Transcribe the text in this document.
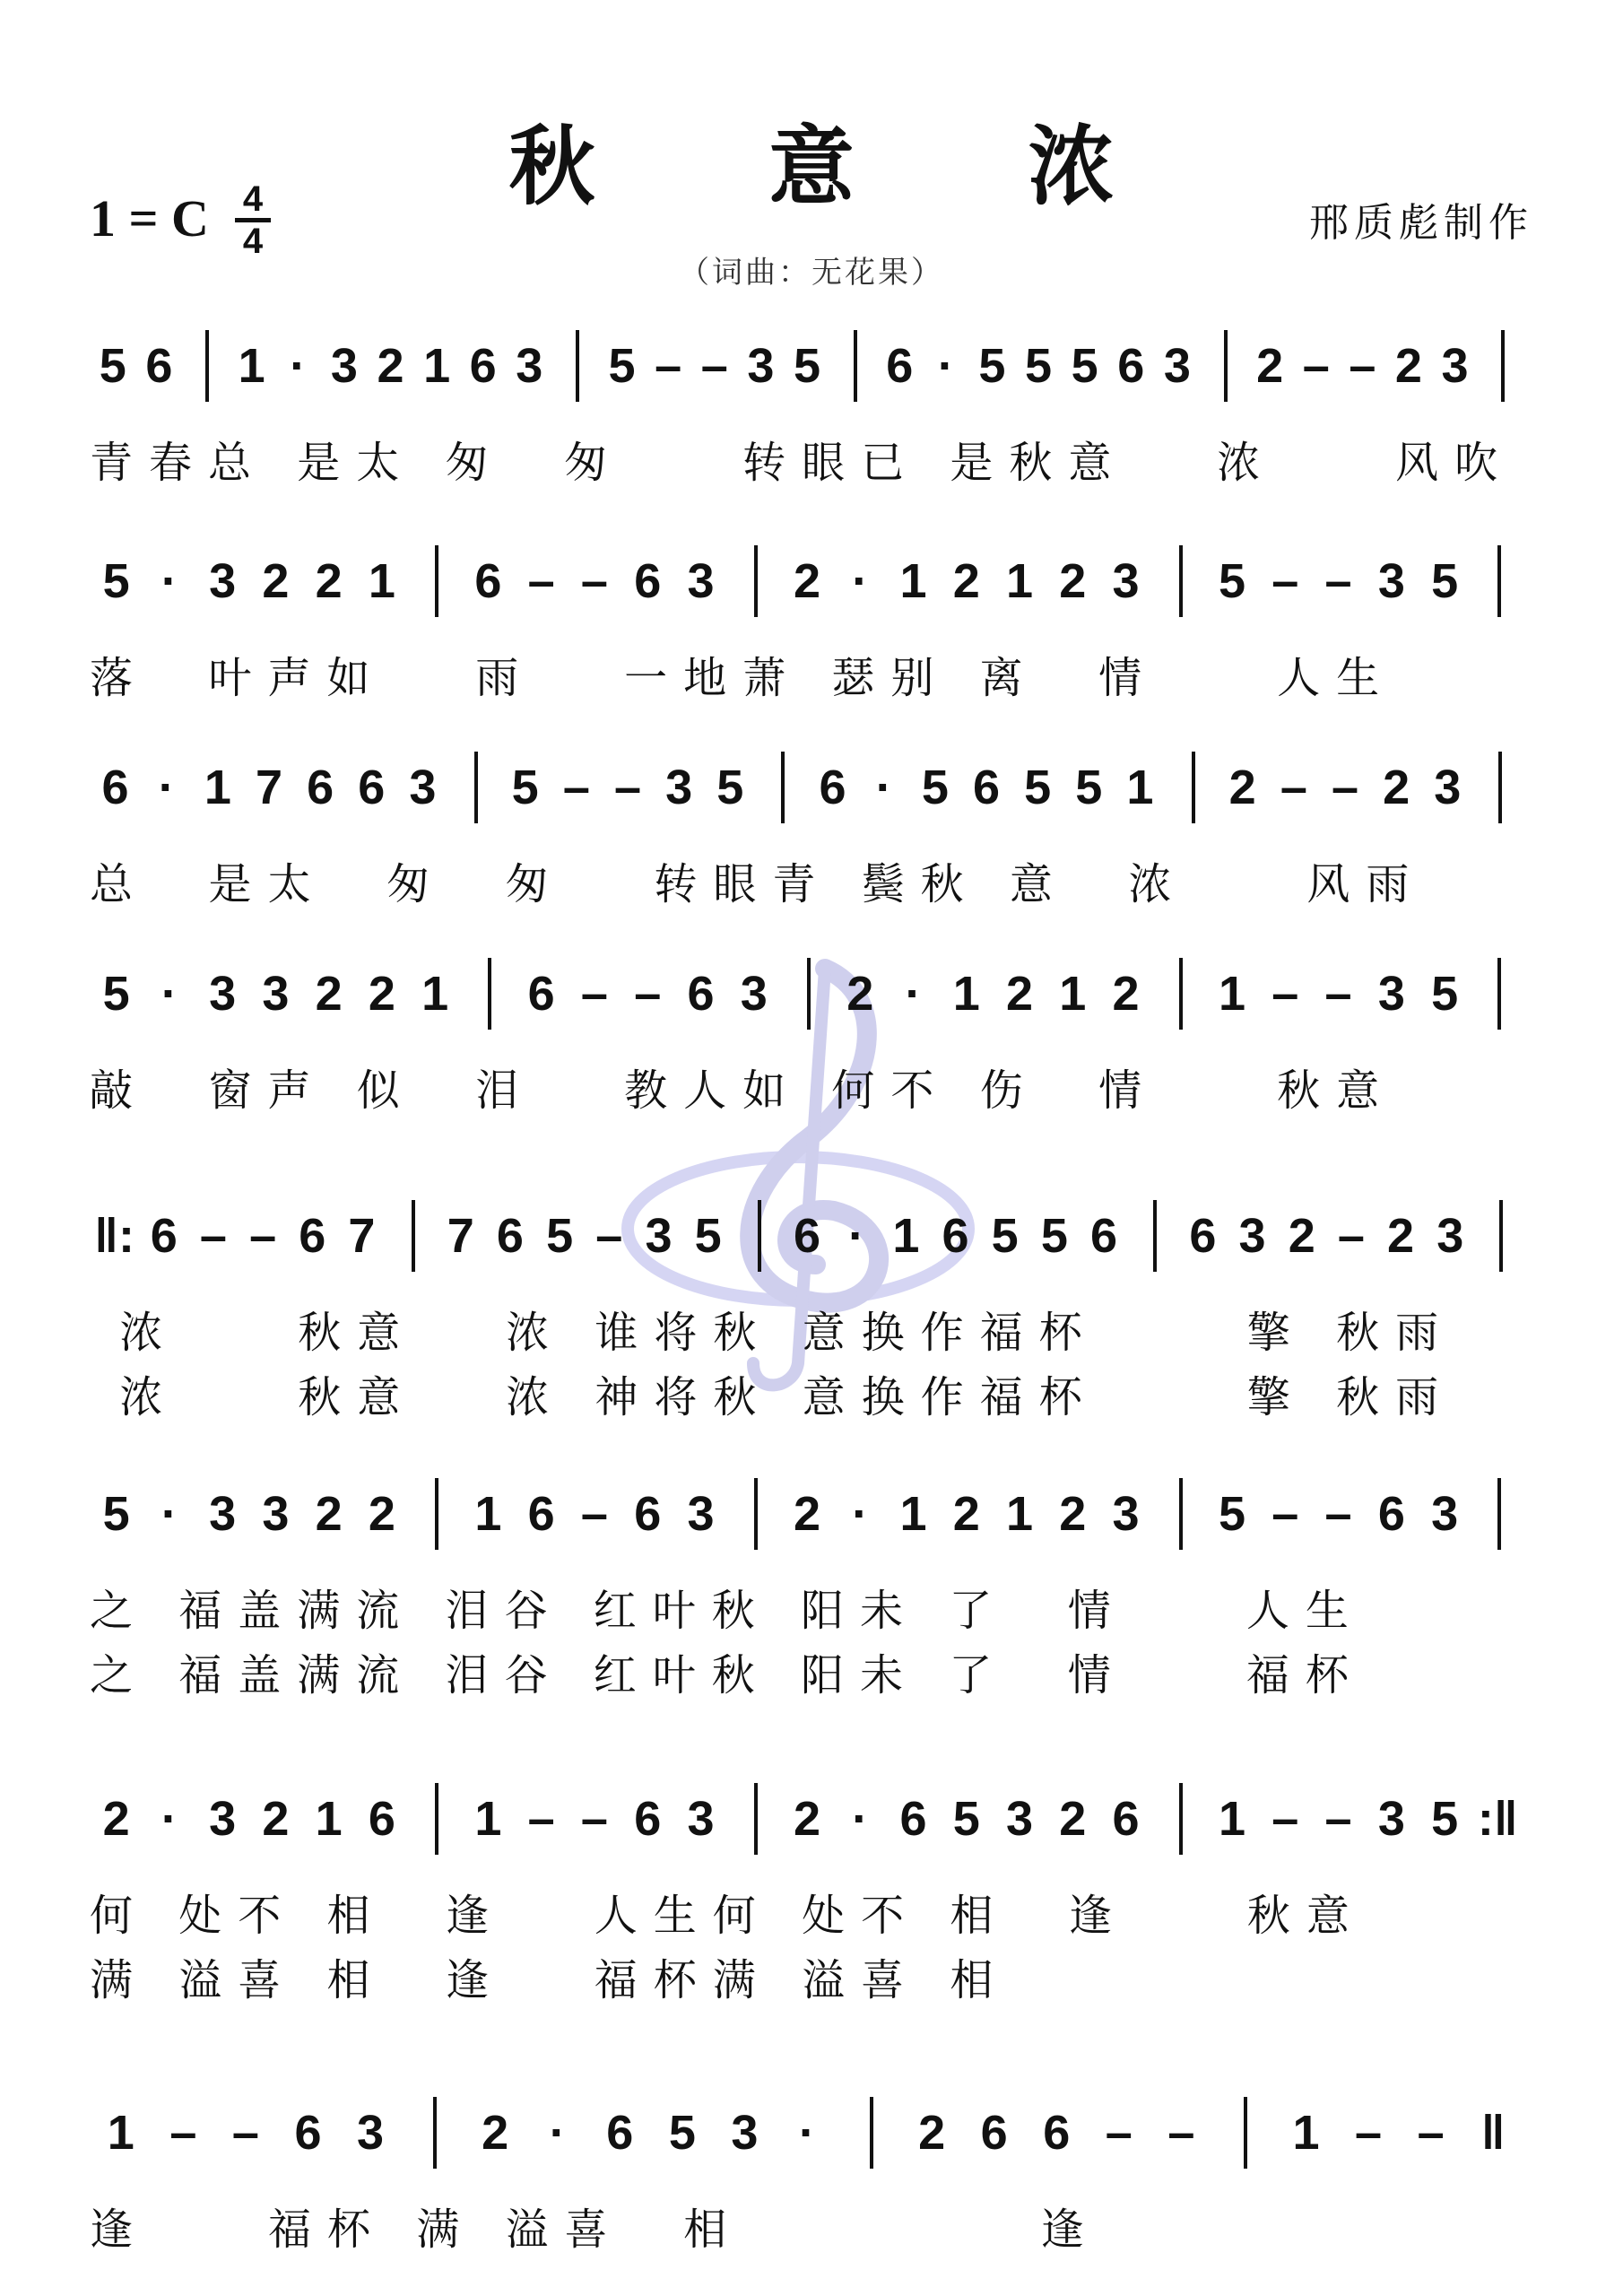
秋 意 浓
1 = C 4
4	邢质彪制作
（词曲：无花果）
5 6 1 · 3 2 1 6 3 5 – – 3 5 6 · 5 5 5 6 3 2 – – 2 3
青春总 是太 匆  匆    转眼已 是秋意   浓    风吹
5 · 3 2 2 1 6 – – 6 3 2 · 1 2 1 2 3 5 – – 3 5
落  叶声如   雨   一地萧 瑟别 离  情    人生
6 · 1 7 6 6 3 5 – – 3 5 6 · 5 6 5 5 1 2 – – 2 3
总  是太  匆  匆   转眼青 鬓秋 意  浓    风雨
5 · 3 3 2 2 1 6 – – 6 3 2 · 1 2 1 2 1 – – 3 5
敲  窗声 似  泪   教人如 何不 伤  情    秋意
‖: 6 – – 6 7 7 6 5 – 3 5 6 · 1 6 5 5 6 6 3 2 – 2 3
浓    秋意   浓 谁将秋 意换作福杯     擎 秋雨
浓    秋意   浓 神将秋 意换作福杯     擎 秋雨
5 · 3 3 2 2 1 6 – 6 3 2 · 1 2 1 2 3 5 – – 6 3
之 福盖满流 泪谷 红叶秋 阳未 了  情    人生
之 福盖满流 泪谷 红叶秋 阳未 了  情    福杯
2 · 3 2 1 6 1 – – 6 3 2 · 6 5 3 2 6 1 – – 3 5 :‖
何 处不 相  逢   人生何 处不 相  逢    秋意
满 溢喜 相  逢   福杯满 溢喜 相
1 – – 6 3 2 · 6 5 3 ·	2 6 6 – – 1 – – ‖
逢    福杯 满 溢喜  相          逢
